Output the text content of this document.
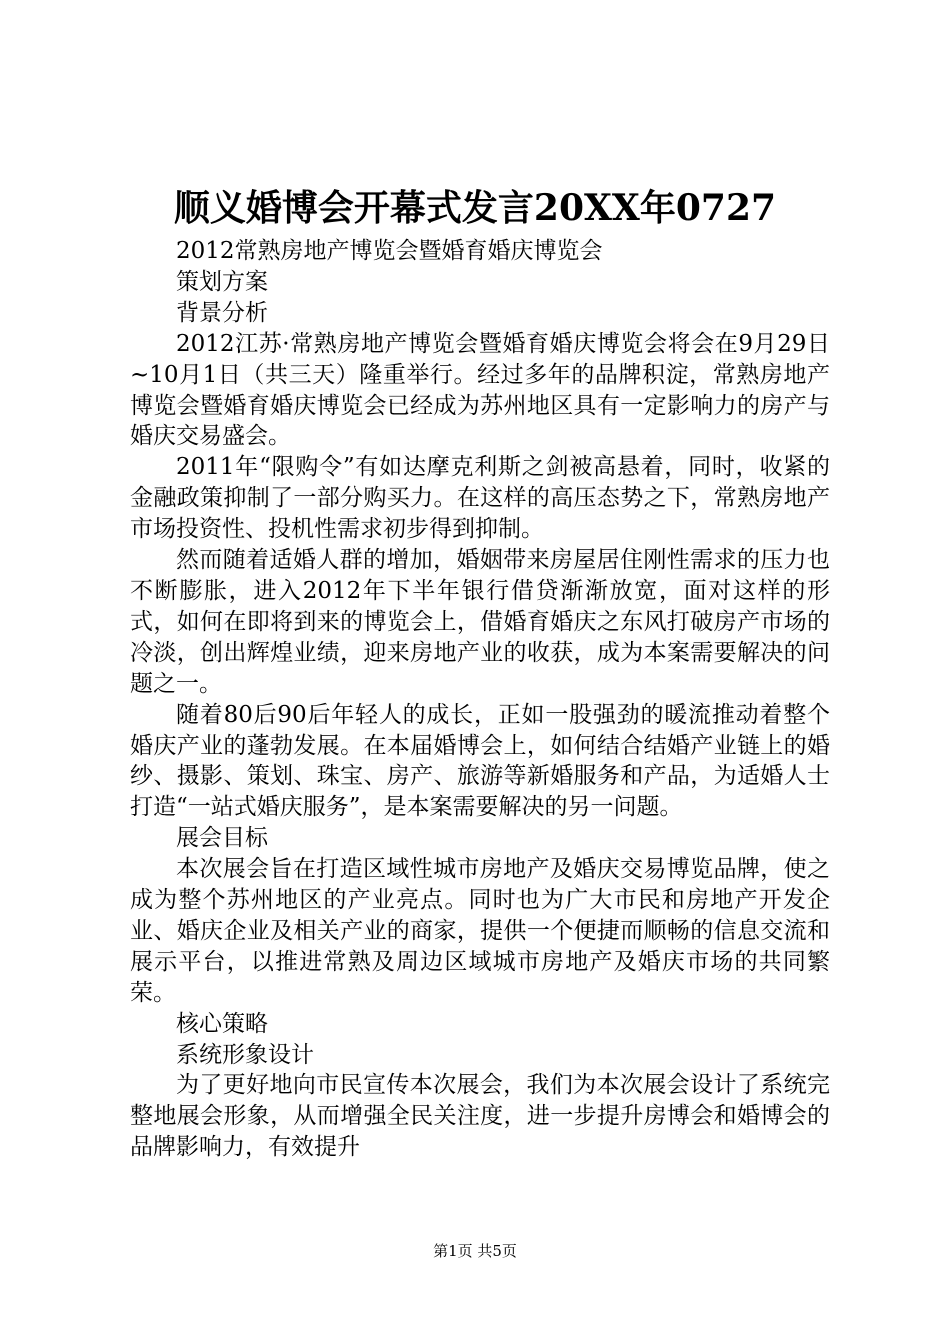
顺义婚博会开幕式发言20XX年0727

2012常熟房地产博览会暨婚育婚庆博览会

策划方案

背景分析

2012江苏·常熟房地产博览会暨婚育婚庆博览会将会在9月29日~10月1日（共三天）隆重举行。经过多年的品牌积淀，常熟房地产博览会暨婚育婚庆博览会已经成为苏州地区具有一定影响力的房产与婚庆交易盛会。

2011年“限购令”有如达摩克利斯之剑被高悬着，同时，收紧的金融政策抑制了一部分购买力。在这样的高压态势之下，常熟房地产市场投资性、投机性需求初步得到抑制。

然而随着适婚人群的增加，婚姻带来房屋居住刚性需求的压力也不断膨胀，进入2012年下半年银行借贷渐渐放宽，面对这样的形式，如何在即将到来的博览会上，借婚育婚庆之东风打破房产市场的冷淡，创出辉煌业绩，迎来房地产业的收获，成为本案需要解决的问题之一。

随着80后90后年轻人的成长，正如一股强劲的暖流推动着整个婚庆产业的蓬勃发展。在本届婚博会上，如何结合结婚产业链上的婚纱、摄影、策划、珠宝、房产、旅游等新婚服务和产品，为适婚人士打造“一站式婚庆服务”，是本案需要解决的另一问题。

展会目标

本次展会旨在打造区域性城市房地产及婚庆交易博览品牌，使之成为整个苏州地区的产业亮点。同时也为广大市民和房地产开发企业、婚庆企业及相关产业的商家，提供一个便捷而顺畅的信息交流和展示平台，以推进常熟及周边区域城市房地产及婚庆市场的共同繁荣。

核心策略

系统形象设计

为了更好地向市民宣传本次展会，我们为本次展会设计了系统完整地展会形象，从而增强全民关注度，进一步提升房博会和婚博会的品牌影响力，有效提升

第1页 共5页
